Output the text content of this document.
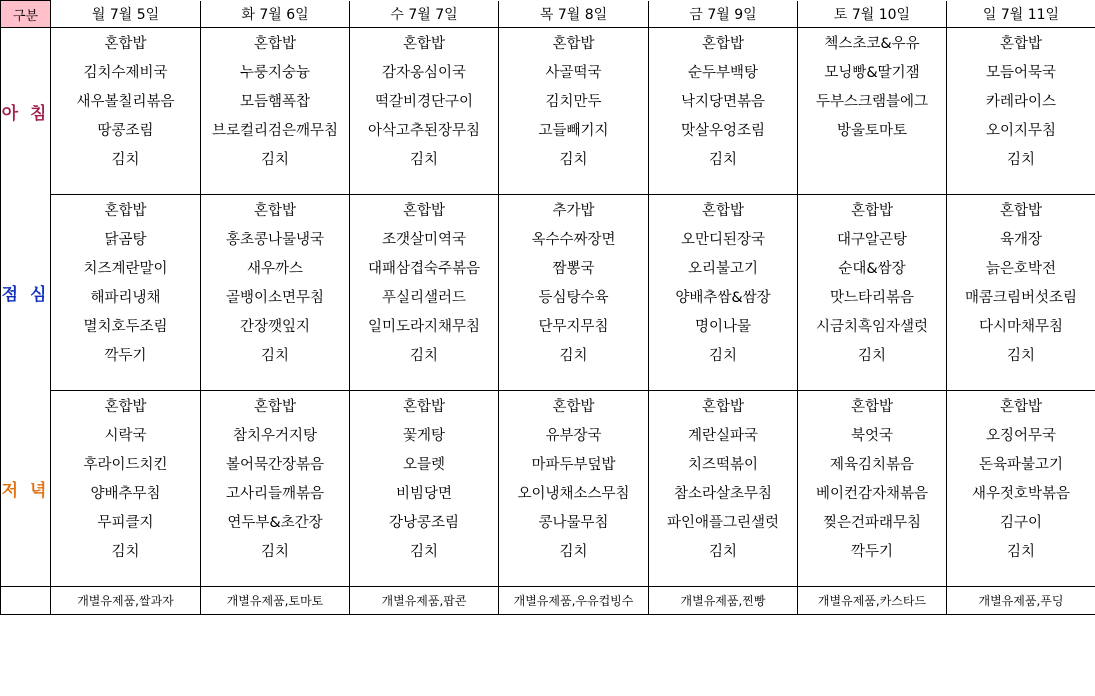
구분	월 7월 5일	화 7월 6일	수 7월 7일	목 7월 8일	금 7월 9일	토 7월 10일	일 7월 11일
아 침	혼합밥	혼합밥	혼합밥	혼합밥	혼합밥	첵스초코&우유	혼합밥
	김치수제비국	누룽지숭늉	감자옹심이국	사골떡국	순두부백탕	모닝빵&딸기잼	모듬어묵국
	새우볼칠리볶음	모듬햄폭찹	떡갈비경단구이	김치만두	낙지당면볶음	두부스크램블에그	카레라이스
	땅콩조림	브로컬리검은깨무침	아삭고추된장무침	고들빼기지	맛살우엉조림	방울토마토	오이지무침
	김치	김치	김치	김치	김치		김치

점 심	혼합밥	혼합밥	혼합밥	추가밥	혼합밥	혼합밥	혼합밥
	닭곰탕	홍초콩나물냉국	조갯살미역국	옥수수짜장면	오만디된장국	대구알곤탕	육개장
	치즈계란말이	새우까스	대패삼겹숙주볶음	짬뽕국	오리불고기	순대&쌈장	늙은호박전
	해파리냉채	골뱅이소면무침	푸실리샐러드	등심탕수육	양배추쌈&쌈장	맛느타리볶음	매콤크림버섯조림
	멸치호두조림	간장깻잎지	일미도라지채무침	단무지무침	명이나물	시금치흑임자샐럿	다시마채무침
	깍두기	김치	김치	김치	김치	김치	김치

저 녁	혼합밥	혼합밥	혼합밥	혼합밥	혼합밥	혼합밥	혼합밥
	시락국	참치우거지탕	꽃게탕	유부장국	계란실파국	북엇국	오징어무국
	후라이드치킨	볼어묵간장볶음	오믈렛	마파두부덮밥	치즈떡볶이	제육김치볶음	돈육파불고기
	양배추무침	고사리들깨볶음	비빔당면	오이냉채소스무침	참소라살초무침	베이컨감자채볶음	새우젓호박볶음
	무피클지	연두부&초간장	강낭콩조림	콩나물무침	파인애플그린샐럿	찢은건파래무침	김구이
	김치	김치	김치	김치	김치	깍두기	김치

	개별유제품,쌀과자	개별유제품,토마토	개별유제품,팝콘	개별유제품,우유컵빙수	개별유제품,찐빵	개별유제품,카스타드	개별유제품,푸딩
